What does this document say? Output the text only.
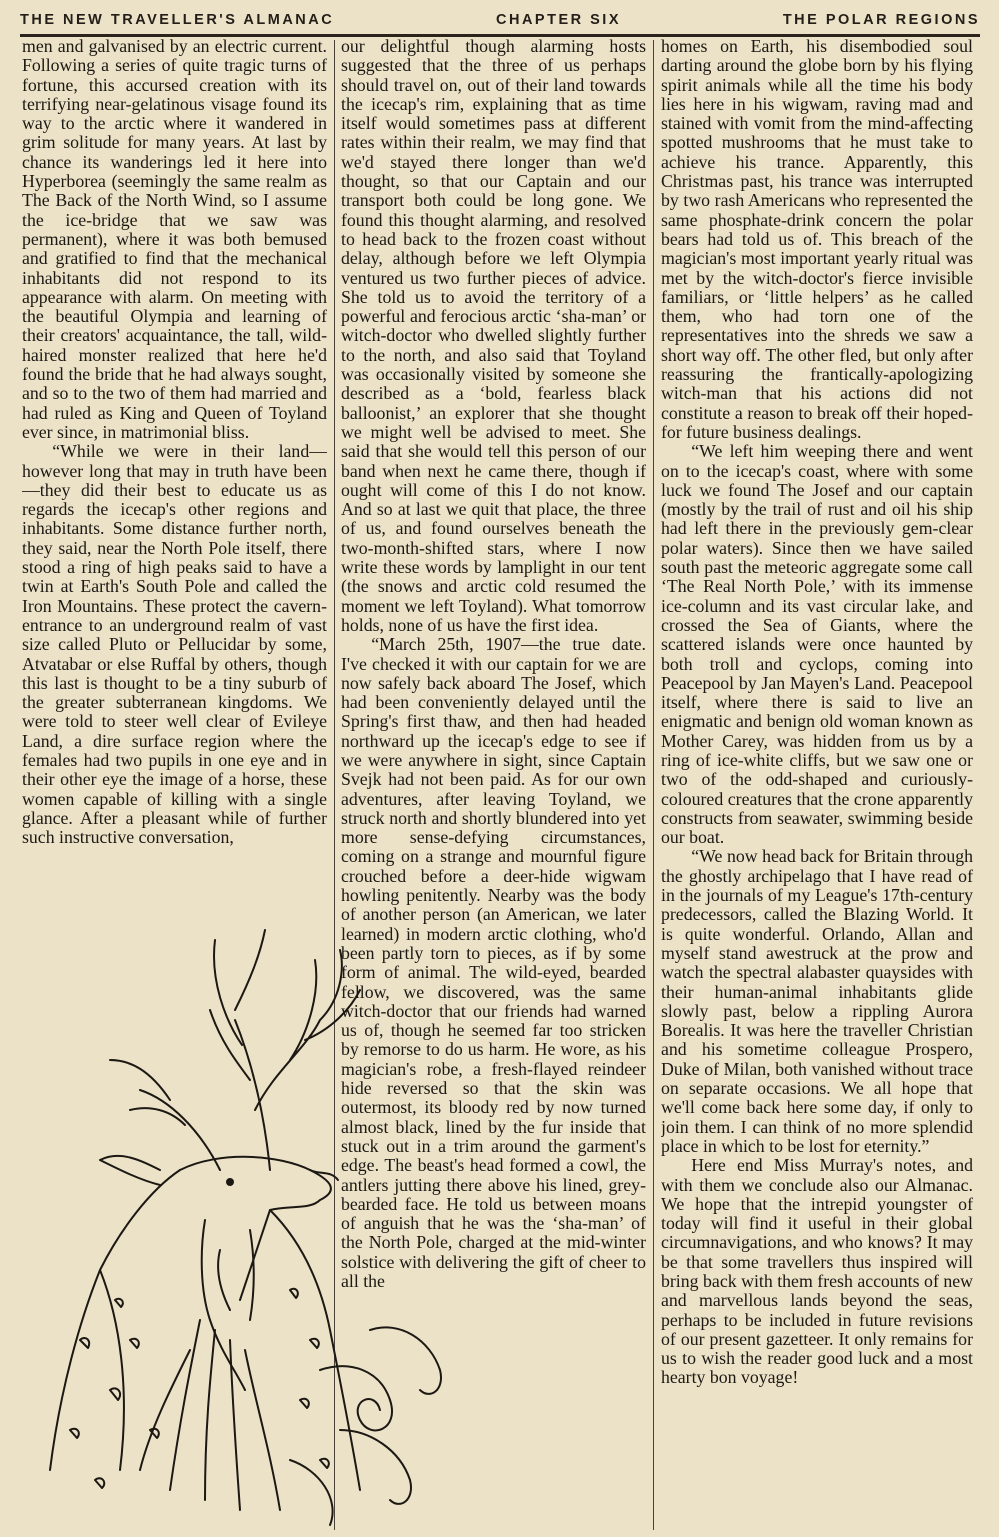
THE NEW TRAVELLER'S ALMANAC	CHAPTER SIX	THE POLAR REGIONS

men and galvanised by an electric current. Following a series of quite tragic turns of fortune, this accursed creation with its terrifying near-gelatinous visage found its way to the arctic where it wandered in grim solitude for many years. At last by chance its wanderings led it here into Hyperborea (seemingly the same realm as The Back of the North Wind, so I assume the ice-bridge that we saw was permanent), where it was both bemused and gratified to find that the mechanical inhabitants did not respond to its appearance with alarm. On meeting with the beautiful Olympia and learning of their creators' acquaintance, the tall, wild-haired monster realized that here he'd found the bride that he had always sought, and so to the two of them had married and had ruled as King and Queen of Toyland ever since, in matrimonial bliss.

“While we were in their land—however long that may in truth have been—they did their best to educate us as regards the icecap's other regions and inhabitants. Some distance further north, they said, near the North Pole itself, there stood a ring of high peaks said to have a twin at Earth's South Pole and called the Iron Mountains. These protect the cavern-entrance to an underground realm of vast size called Pluto or Pellucidar by some, Atvatabar or else Ruffal by others, though this last is thought to be a tiny suburb of the greater subterranean kingdoms. We were told to steer well clear of Evileye Land, a dire surface region where the females had two pupils in one eye and in their other eye the image of a horse, these women capable of killing with a single glance. After a pleasant while of further such instructive conversation,

our delightful though alarming hosts suggested that the three of us perhaps should travel on, out of their land towards the icecap's rim, explaining that as time itself would sometimes pass at different rates within their realm, we may find that we'd stayed there longer than we'd thought, so that our Captain and our transport both could be long gone. We found this thought alarming, and resolved to head back to the frozen coast without delay, although before we left Olympia ventured us two further pieces of advice. She told us to avoid the territory of a powerful and ferocious arctic ‘sha-man’ or witch-doctor who dwelled slightly further to the north, and also said that Toyland was occasionally visited by someone she described as a ‘bold, fearless black balloonist,’ an explorer that she thought we might well be advised to meet. She said that she would tell this person of our band when next he came there, though if ought will come of this I do not know. And so at last we quit that place, the three of us, and found ourselves beneath the two-month-shifted stars, where I now write these words by lamplight in our tent (the snows and arctic cold resumed the moment we left Toyland). What tomorrow holds, none of us have the first idea.

“March 25th, 1907—the true date. I've checked it with our captain for we are now safely back aboard The Josef, which had been conveniently delayed until the Spring's first thaw, and then had headed northward up the icecap's edge to see if we were anywhere in sight, since Captain Svejk had not been paid. As for our own adventures, after leaving Toyland, we struck north and shortly blundered into yet more sense-defying circumstances, coming on a strange and mournful figure crouched before a deer-hide wigwam howling penitently. Nearby was the body of another person (an American, we later learned) in modern arctic clothing, who'd been partly torn to pieces, as if by some form of animal. The wild-eyed, bearded fellow, we discovered, was the same witch-doctor that our friends had warned us of, though he seemed far too stricken by remorse to do us harm. He wore, as his magician's robe, a fresh-flayed reindeer hide reversed so that the skin was outermost, its bloody red by now turned almost black, lined by the fur inside that stuck out in a trim around the garment's edge. The beast's head formed a cowl, the antlers jutting there above his lined, grey-bearded face. He told us between moans of anguish that he was the ‘sha-man’ of the North Pole, charged at the mid-winter solstice with delivering the gift of cheer to all the

homes on Earth, his disembodied soul darting around the globe born by his flying spirit animals while all the time his body lies here in his wigwam, raving mad and stained with vomit from the mind-affecting spotted mushrooms that he must take to achieve his trance. Apparently, this Christmas past, his trance was interrupted by two rash Americans who represented the same phosphate-drink concern the polar bears had told us of. This breach of the magician's most important yearly ritual was met by the witch-doctor's fierce invisible familiars, or ‘little helpers’ as he called them, who had torn one of the representatives into the shreds we saw a short way off. The other fled, but only after reassuring the frantically-apologizing witch-man that his actions did not constitute a reason to break off their hoped-for future business dealings.

“We left him weeping there and went on to the icecap's coast, where with some luck we found The Josef and our captain (mostly by the trail of rust and oil his ship had left there in the previously gem-clear polar waters). Since then we have sailed south past the meteoric aggregate some call ‘The Real North Pole,’ with its immense ice-column and its vast circular lake, and crossed the Sea of Giants, where the scattered islands were once haunted by both troll and cyclops, coming into Peacepool by Jan Mayen's Land. Peacepool itself, where there is said to live an enigmatic and benign old woman known as Mother Carey, was hidden from us by a ring of ice-white cliffs, but we saw one or two of the odd-shaped and curiously-coloured creatures that the crone apparently constructs from seawater, swimming beside our boat.

“We now head back for Britain through the ghostly archipelago that I have read of in the journals of my League's 17th-century predecessors, called the Blazing World. It is quite wonderful. Orlando, Allan and myself stand awestruck at the prow and watch the spectral alabaster quaysides with their human-animal inhabitants glide slowly past, below a rippling Aurora Borealis. It was here the traveller Christian and his sometime colleague Prospero, Duke of Milan, both vanished without trace on separate occasions. We all hope that we'll come back here some day, if only to join them. I can think of no more splendid place in which to be lost for eternity.”

Here end Miss Murray's notes, and with them we conclude also our Almanac. We hope that the intrepid youngster of today will find it useful in their global circumnavigations, and who knows? It may be that some travellers thus inspired will bring back with them fresh accounts of new and marvellous lands beyond the seas, perhaps to be included in future revisions of our present gazetteer. It only remains for us to wish the reader good luck and a most hearty bon voyage!
